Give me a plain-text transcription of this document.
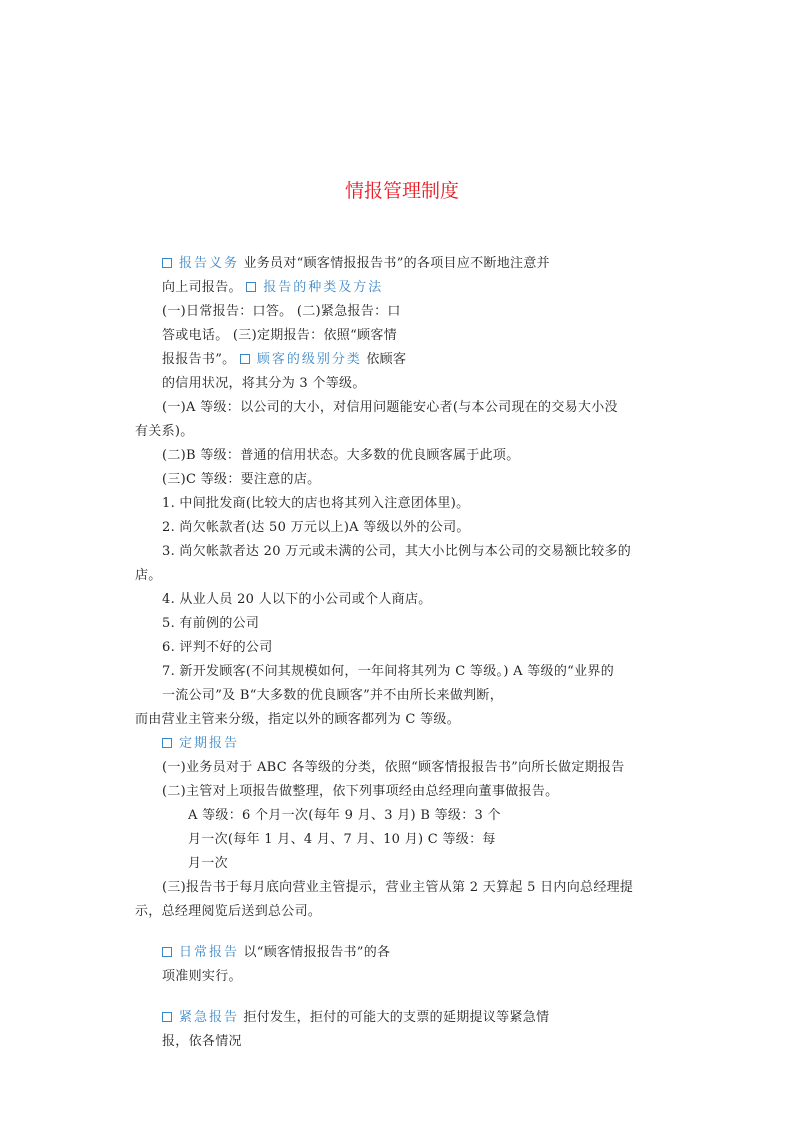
情报管理制度
报告义务 业务员对“顾客情报报告书”的各项目应不断地注意并
向上司报告。 报告的种类及方法
(一)日常报告：口答。 (二)紧急报告：口
答或电话。 (三)定期报告：依照“顾客情
报报告书”。 顾客的级别分类 依顾客
的信用状况，将其分为 3 个等级。
(一)A 等级：以公司的大小，对信用问题能安心者(与本公司现在的交易大小没
有关系)。
(二)B 等级：普通的信用状态。大多数的优良顾客属于此项。
(三)C 等级：要注意的店。
1. 中间批发商(比较大的店也将其列入注意团体里)。
2. 尚欠帐款者(达 50 万元以上)A 等级以外的公司。
3. 尚欠帐款者达 20 万元或未满的公司，其大小比例与本公司的交易额比较多的
店。
4. 从业人员 20 人以下的小公司或个人商店。
5. 有前例的公司
6. 评判不好的公司
7. 新开发顾客(不问其规模如何，一年间将其列为 C 等级。) A 等级的“业界的
一流公司”及 B“大多数的优良顾客”并不由所长来做判断，
而由营业主管来分级，指定以外的顾客都列为 C 等级。
定期报告
(一)业务员对于 ABC 各等级的分类，依照“顾客情报报告书”向所长做定期报告
(二)主管对上项报告做整理，依下列事项经由总经理向董事做报告。
A 等级：6 个月一次(每年 9 月、3 月) B 等级：3 个
月一次(每年 1 月、4 月、7 月、10 月) C 等级：每
月一次
(三)报告书于每月底向营业主管提示，营业主管从第 2 天算起 5 日内向总经理提
示，总经理阅览后送到总公司。
日常报告 以“顾客情报报告书”的各
项准则实行。
紧急报告 拒付发生，拒付的可能大的支票的延期提议等紧急情
报，依各情况
